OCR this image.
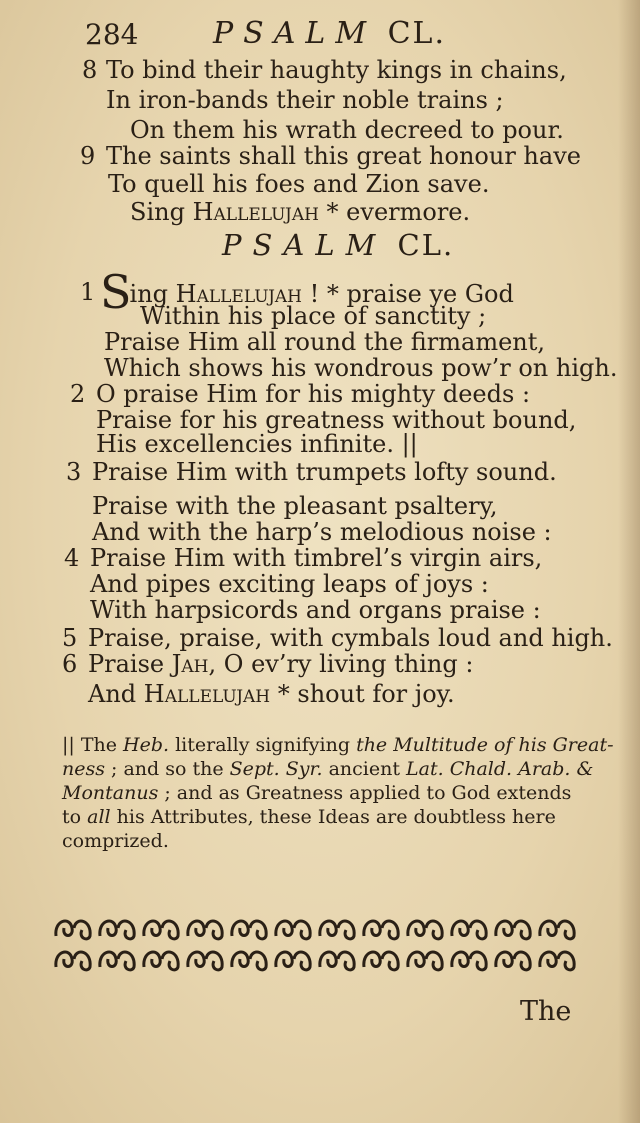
284 PSALM CL.
8 To bind their haughty kings in chains,
In iron-bands their noble trains ;
On them his wrath decreed to pour.
9 The saints shall this great honour have
To quell his foes and Zion save.
Sing Hallelujah * evermore.
PSALM CL.
1 Sing Hallelujah ! * praise ye God
Within his place of sanctity ;
Praise Him all round the firmament,
Which shows his wondrous pow’r on high.
2 O praise Him for his mighty deeds :
Praise for his greatness without bound,
His excellencies infinite. ||
3 Praise Him with trumpets lofty sound.
Praise with the pleasant psaltery,
And with the harp’s melodious noise :
4 Praise Him with timbrel’s virgin airs,
And pipes exciting leaps of joys :
With harpsicords and organs praise :
5 Praise, praise, with cymbals loud and high.
6 Praise Jah, O ev’ry living thing :
And Hallelujah * shout for joy.
|| The Heb. literally signifying the Multitude of his Great-
ness ; and so the Sept. Syr. ancient Lat. Chald. Arab. &
Montanus ; and as Greatness applied to God extends
to all his Attributes, these Ideas are doubtless here
comprized.
The
